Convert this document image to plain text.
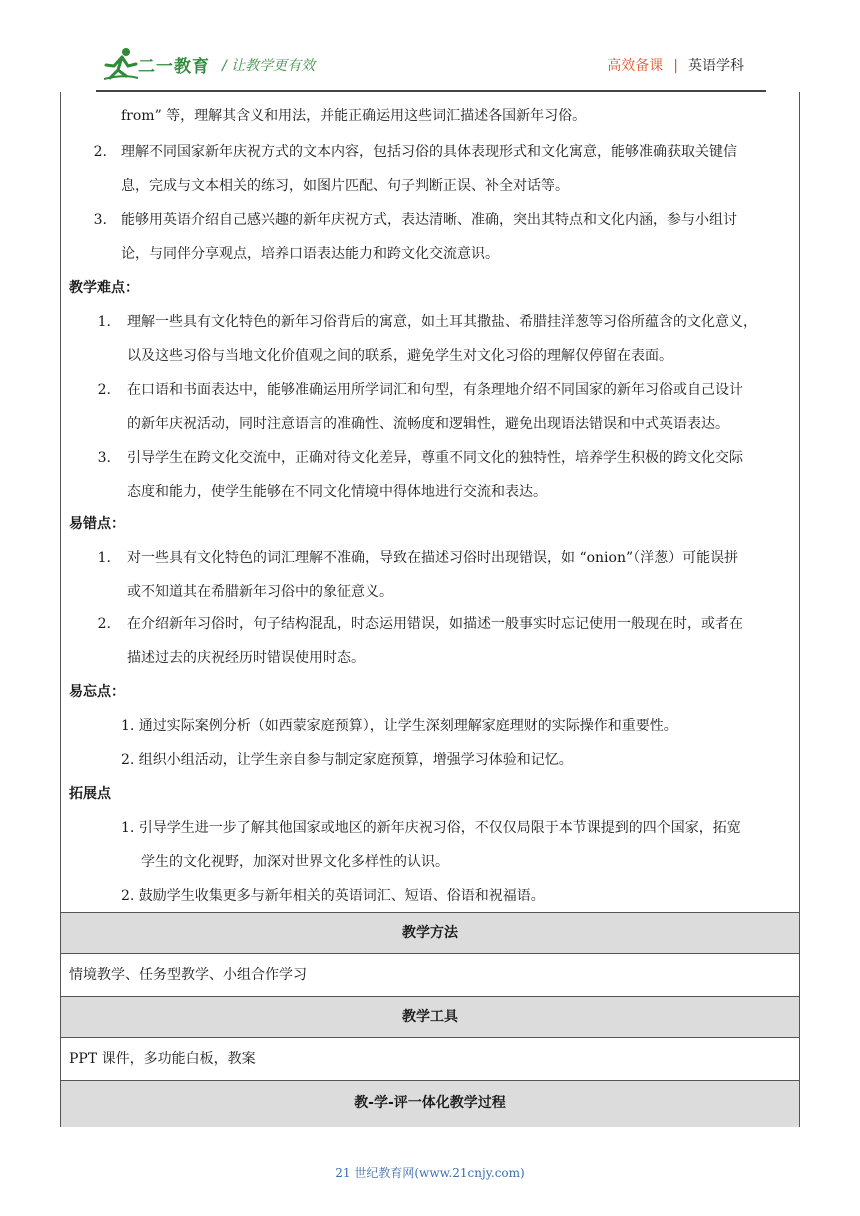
二一教育 / 让教学更有效	高效备课 | 英语学科
from” 等，理解其含义和用法，并能正确运用这些词汇描述各国新年习俗。
2. 理解不同国家新年庆祝方式的文本内容，包括习俗的具体表现形式和文化寓意，能够准确获取关键信
息，完成与文本相关的练习，如图片匹配、句子判断正误、补全对话等。
3. 能够用英语介绍自己感兴趣的新年庆祝方式，表达清晰、准确，突出其特点和文化内涵，参与小组讨
论，与同伴分享观点，培养口语表达能力和跨文化交流意识。
教学难点：
1. 理解一些具有文化特色的新年习俗背后的寓意，如土耳其撒盐、希腊挂洋葱等习俗所蕴含的文化意义，
以及这些习俗与当地文化价值观之间的联系，避免学生对文化习俗的理解仅停留在表面。
2. 在口语和书面表达中，能够准确运用所学词汇和句型，有条理地介绍不同国家的新年习俗或自己设计
的新年庆祝活动，同时注意语言的准确性、流畅度和逻辑性，避免出现语法错误和中式英语表达。
3. 引导学生在跨文化交流中，正确对待文化差异，尊重不同文化的独特性，培养学生积极的跨文化交际
态度和能力，使学生能够在不同文化情境中得体地进行交流和表达。
易错点：
1. 对一些具有文化特色的词汇理解不准确，导致在描述习俗时出现错误，如 “onion”（洋葱）可能误拼
或不知道其在希腊新年习俗中的象征意义。
2. 在介绍新年习俗时，句子结构混乱，时态运用错误，如描述一般事实时忘记使用一般现在时，或者在
描述过去的庆祝经历时错误使用时态。
易忘点：
1. 通过实际案例分析（如西蒙家庭预算），让学生深刻理解家庭理财的实际操作和重要性。
2. 组织小组活动，让学生亲自参与制定家庭预算，增强学习体验和记忆。
拓展点
1. 引导学生进一步了解其他国家或地区的新年庆祝习俗，不仅仅局限于本节课提到的四个国家，拓宽
学生的文化视野，加深对世界文化多样性的认识。
2. 鼓励学生收集更多与新年相关的英语词汇、短语、俗语和祝福语。
教学方法
情境教学、任务型教学、小组合作学习
教学工具
PPT 课件，多功能白板，教案
教-学-评一体化教学过程
21 世纪教育网(www.21cnjy.com)
